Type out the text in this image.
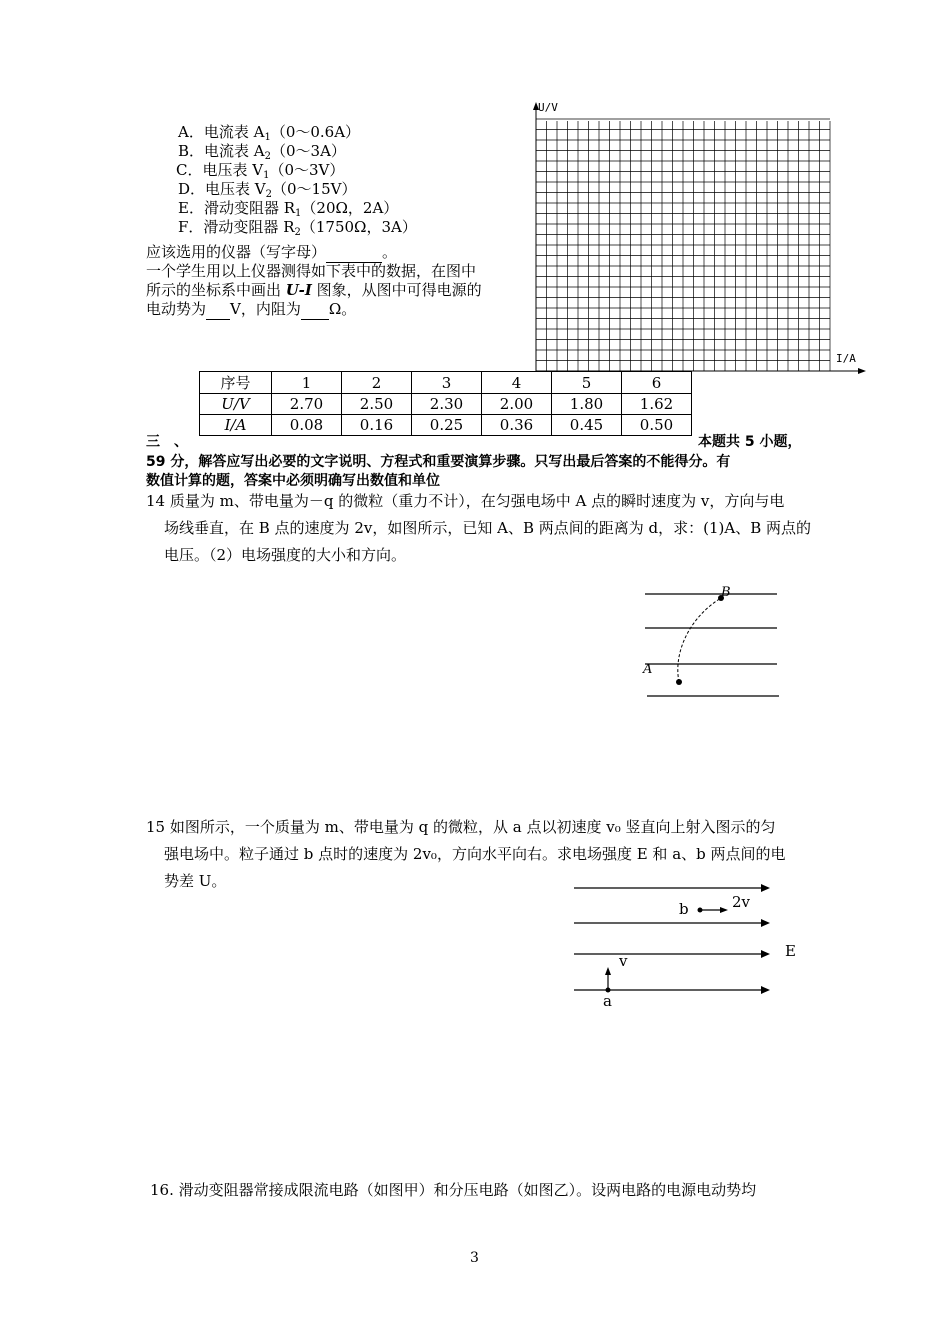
A．电流表 $A_1(0\sim 0.6A)$
B．电流表 $A_2(0\sim 3A)$
C．电压表 $V_1(0\sim 3V)$
D．电压表 $V_2(0\sim 15V)$
E．滑动变阻器 $R_1(20\Omega$，2A）
F．滑动变阻器 $R_2(1750\Omega$，3A）
应该选用的仪器（写字母）	。
一个学生用以上仪器测得如下表中的数据，在图中
所示的坐标系中画出 U-I 图象，从图中可得电源的
电动势为 V，内阻为 Ω。
U/V
I/A
序号	1	2	3	4	5	6
U/V	2.70	2.50	2.30	2.00	1.80	1.62
I/A	0.08	0.16	0.25	0.36	0.45	0.50
三　、	本题共 5 小题，
59 分，解答应写出必要的文字说明、方程式和重要演算步骤。只写出最后答案的不能得分。有
数值计算的题，答案中必须明确写出数值和单位
14 质量为 m、带电量为－q 的微粒（重力不计），在匀强电场中 A 点的瞬时速度为 v，方向与电
场线垂直，在 B 点的速度为 2v，如图所示，已知 A、B 两点间的距离为 d，求：(1)A、B 两点的
电压。（2）电场强度的大小和方向。
B
A
15 如图所示，一个质量为 m、带电量为 q 的微粒，从 a 点以初速度 v₀ 竖直向上射入图示的匀
强电场中。粒子通过 b 点时的速度为 2v₀，方向水平向右。求电场强度 E 和 a、b 两点间的电
势差 U。
b	2v
E
v
a
16. 滑动变阻器常接成限流电路（如图甲）和分压电路（如图乙）。设两电路的电源电动势均
3
